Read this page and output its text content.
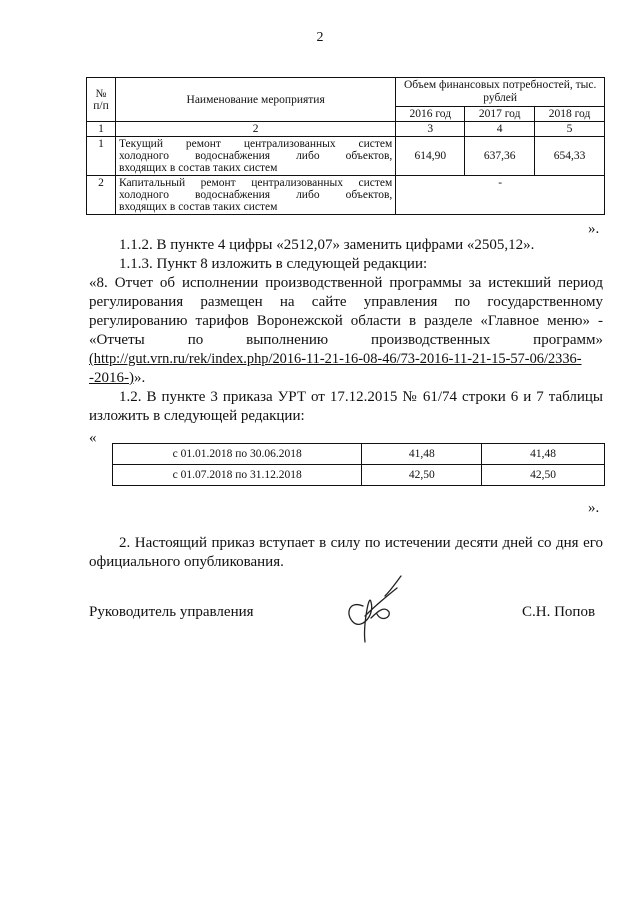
2
№ п/п	Наименование мероприятия	Объем финансовых потребностей, тыс. рублей		
		2016 год	2017 год	2018 год
1	2	3	4	5
1	Текущий ремонт централизованных систем
холодного водоснабжения либо объектов,
входящих в состав таких систем	614,90	637,36	654,33
2	Капитальный ремонт централизованных систем
холодного водоснабжения либо объектов,
входящих в состав таких систем	-		
».

1.1.2. В пункте 4 цифры «2512,07» заменить цифрами «2505,12».

1.1.3. Пункт 8 изложить в следующей редакции:

«8. Отчет об исполнении производственной программы за истекший период

регулирования размещен на сайте управления по государственному

регулированию тарифов Воронежской области в разделе «Главное меню» -

«Отчеты	по	выполнению	производственных	программ»

(http://gut.vrn.ru/rek/index.php/2016-11-21-16-08-46/73-2016-11-21-15-57-06/2336-

-2016-)».

1.2. В пункте 3 приказа УРТ от 17.12.2015 № 61/74 строки 6 и 7 таблицы

изложить в следующей редакции:

«
с 01.01.2018 по 30.06.2018	41,48	41,48
с 01.07.2018 по 31.12.2018	42,50	42,50
».

2. Настоящий приказ вступает в силу по истечении десяти дней со дня его

официального опубликования.

Руководитель управления	С.Н. Попов
